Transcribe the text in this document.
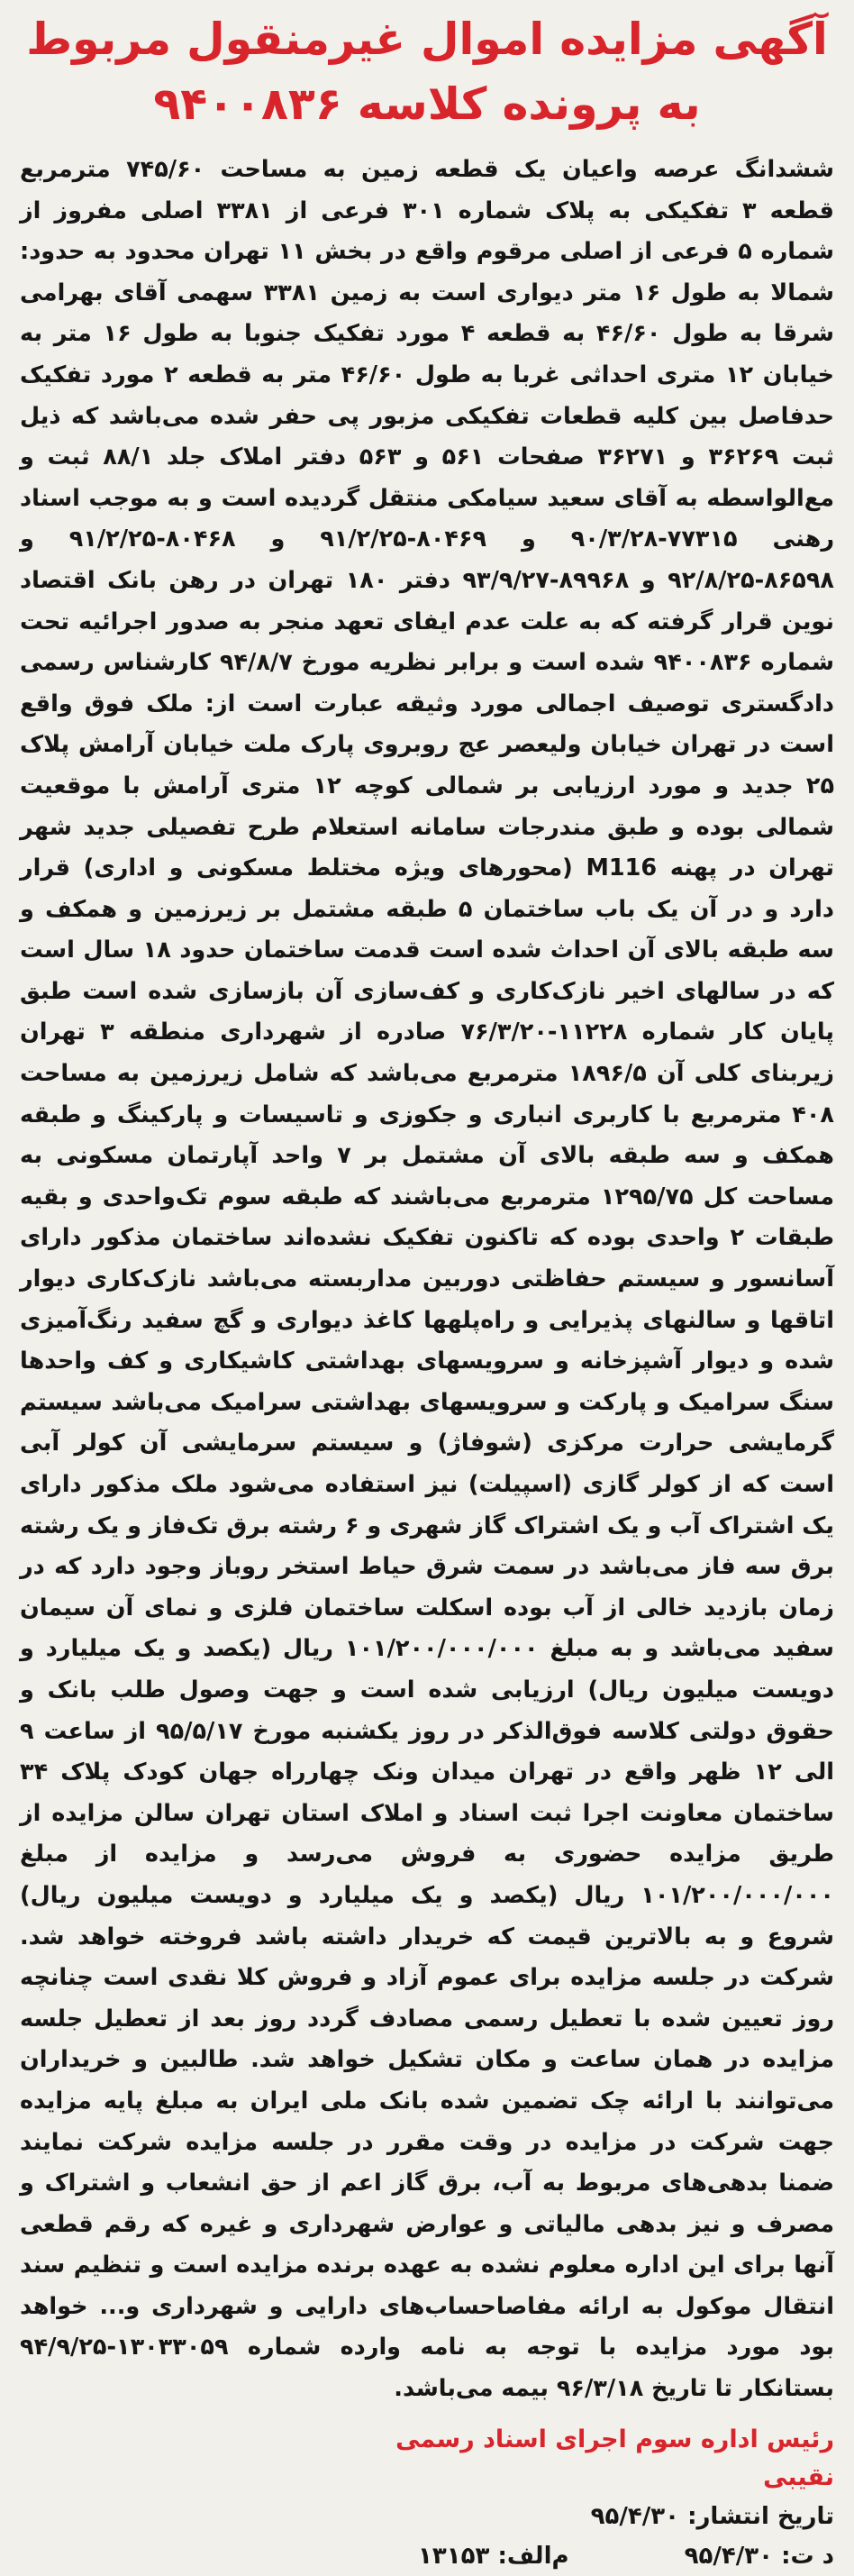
آگهی مزایده اموال غیرمنقول مربوط
به پرونده کلاسه ۹۴۰۰۸۳۶
ششدانگ عرصه واعیان یک قطعه زمین به مساحت ۷۴۵/۶۰ مترمربع قطعه ۳ تفکیکی به پلاک شماره ۳۰۱ فرعی از ۳۳۸۱ اصلی مفروز از شماره ۵ فرعی از اصلی مرقوم واقع در بخش ۱۱ تهران محدود به حدود: شمالا به طول ۱۶ متر دیواری است به زمین ۳۳۸۱ سهمی آقای بهرامی شرقا به طول ۴۶/۶۰ به قطعه ۴ مورد تفکیک جنوبا به طول ۱۶ متر به خیابان ۱۲ متری احداثی غربا به طول ۴۶/۶۰ متر به قطعه ۲ مورد تفکیک حدفاصل بین کلیه قطعات تفکیکی مزبور پی حفر شده می‌باشد که ذیل ثبت ۳۶۲۶۹ و ۳۶۲۷۱ صفحات ۵۶۱ و ۵۶۳ دفتر املاک جلد ۸۸/۱ ثبت و مع‌الواسطه به آقای سعید سیامکی منتقل گردیده است و به موجب اسناد رهنی ۷۷۳۱۵-۹۰/۳/۲۸ و ۸۰۴۶۹-۹۱/۲/۲۵ و ۸۰۴۶۸-۹۱/۲/۲۵ و ۸۶۵۹۸-۹۲/۸/۲۵ و ۸۹۹۶۸-۹۳/۹/۲۷ دفتر ۱۸۰ تهران در رهن بانک اقتصاد نوین قرار گرفته که به علت عدم ایفای تعهد منجر به صدور اجرائیه تحت شماره ۹۴۰۰۸۳۶ شده است و برابر نظریه مورخ ۹۴/۸/۷ کارشناس رسمی دادگستری توصیف اجمالی مورد وثیقه عبارت است از: ملک فوق واقع است در تهران خیابان ولیعصر عج روبروی پارک ملت خیابان آرامش پلاک ۲۵ جدید و مورد ارزیابی بر شمالی کوچه ۱۲ متری آرامش با موقعیت شمالی بوده و طبق مندرجات سامانه استعلام طرح تفصیلی جدید شهر تهران در پهنه M116 (محورهای ویژه مختلط مسکونی و اداری) قرار دارد و در آن یک باب ساختمان ۵ طبقه مشتمل بر زیرزمین و همکف و سه طبقه بالای آن احداث شده است قدمت ساختمان حدود ۱۸ سال است که در سالهای اخیر نازک‌کاری و کف‌سازی آن بازسازی شده است طبق پایان کار شماره ۱۱۲۲۸-۷۶/۳/۲۰ صادره از شهرداری منطقه ۳ تهران زیربنای کلی آن ۱۸۹۶/۵ مترمربع می‌باشد که شامل زیرزمین به مساحت ۴۰۸ مترمربع با کاربری انباری و جکوزی و تاسیسات و پارکینگ و طبقه همکف و سه طبقه بالای آن مشتمل بر ۷ واحد آپارتمان مسکونی به مساحت کل ۱۲۹۵/۷۵ مترمربع می‌باشند که طبقه سوم تک‌واحدی و بقیه طبقات ۲ واحدی بوده که تاکنون تفکیک نشده‌اند ساختمان مذکور دارای آسانسور و سیستم حفاظتی دوربین مداربسته می‌باشد نازک‌کاری دیوار اتاقها و سالنهای پذیرایی و راه‌پلهها کاغذ دیواری و گچ سفید رنگ‌آمیزی شده و دیوار آشپزخانه و سرویسهای بهداشتی کاشیکاری و کف واحدها سنگ سرامیک و پارکت و سرویسهای بهداشتی سرامیک می‌باشد سیستم گرمایشی حرارت مرکزی (شوفاژ) و سیستم سرمایشی آن کولر آبی است که از کولر گازی (اسپیلت) نیز استفاده می‌شود ملک مذکور دارای یک اشتراک آب و یک اشتراک گاز شهری و ۶ رشته برق تک‌فاز و یک رشته برق سه فاز می‌باشد در سمت شرق حیاط استخر روباز وجود دارد که در زمان بازدید خالی از آب بوده اسکلت ساختمان فلزی و نمای آن سیمان سفید می‌باشد و به مبلغ ۱۰۱/۲۰۰/۰۰۰/۰۰۰ ریال (یکصد و یک میلیارد و دویست میلیون ریال) ارزیابی شده است و جهت وصول طلب بانک و حقوق دولتی کلاسه فوق‌الذکر در روز یکشنبه مورخ ۹۵/۵/۱۷ از ساعت ۹ الی ۱۲ ظهر واقع در تهران میدان ونک چهارراه جهان کودک پلاک ۳۴ ساختمان معاونت اجرا ثبت اسناد و املاک استان تهران سالن مزایده از طریق مزایده حضوری به فروش می‌رسد و مزایده از مبلغ ۱۰۱/۲۰۰/۰۰۰/۰۰۰ ریال (یکصد و یک میلیارد و دویست میلیون ریال) شروع و به بالاترین قیمت که خریدار داشته باشد فروخته خواهد شد. شرکت در جلسه مزایده برای عموم آزاد و فروش کلا نقدی است چنانچه روز تعیین شده با تعطیل رسمی مصادف گردد روز بعد از تعطیل جلسه مزایده در همان ساعت و مکان تشکیل خواهد شد. طالبین و خریداران می‌توانند با ارائه چک تضمین شده بانک ملی ایران به مبلغ پایه مزایده جهت شرکت در مزایده در وقت مقرر در جلسه مزایده شرکت نمایند ضمنا بدهی‌های مربوط به آب، برق گاز اعم از حق انشعاب و اشتراک و مصرف و نیز بدهی مالیاتی و عوارض شهرداری و غیره که رقم قطعی آنها برای این اداره معلوم نشده به عهده برنده مزایده است و تنظیم سند انتقال موکول به ارائه مفاصاحساب‌های دارایی و شهرداری و... خواهد بود مورد مزایده با توجه به نامه وارده شماره ۱۳۰۳۳۰۵۹-۹۴/۹/۲۵ بستانکار تا تاریخ ۹۶/۳/۱۸ بیمه می‌باشد.
رئیس اداره سوم اجرای اسناد رسمی
نقیبی
تاریخ انتشار: ۹۵/۴/۳۰
د ت: ۹۵/۴/۳۰  م‌الف: ۱۳۱۵۳
